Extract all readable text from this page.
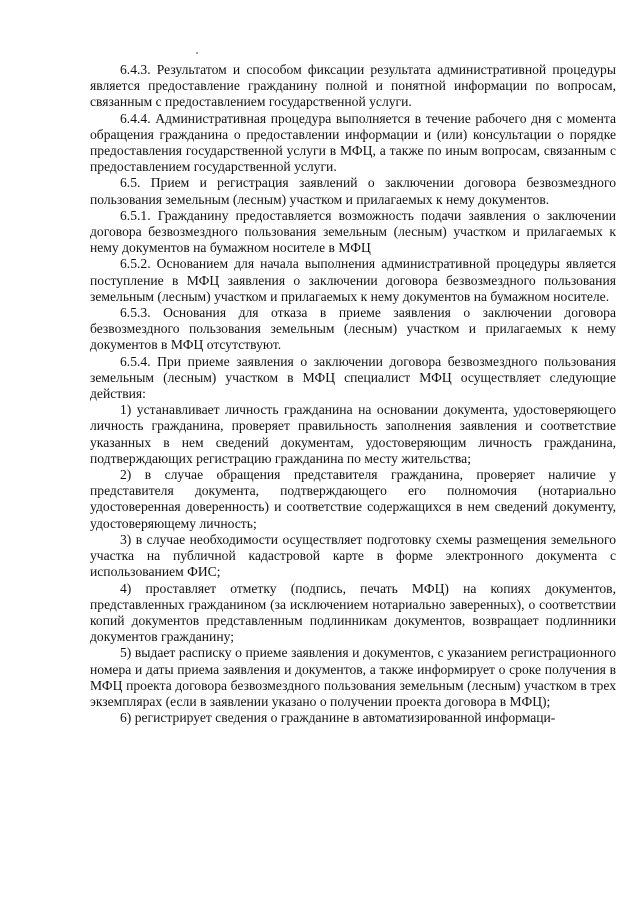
6.4.3. Результатом и способом фиксации результата административной процедуры является предоставление гражданину полной и понятной информации по вопросам, связанным с предоставлением государственной услуги.

6.4.4. Административная процедура выполняется в течение рабочего дня с момента обращения гражданина о предоставлении информации и (или) консультации о порядке предоставления государственной услуги в МФЦ, а также по иным вопросам, связанным с предоставлением государственной услуги.

6.5. Прием и регистрация заявлений о заключении договора безвозмездного пользования земельным (лесным) участком и прилагаемых к нему документов.

6.5.1. Гражданину предоставляется возможность подачи заявления о заключении договора безвозмездного пользования земельным (лесным) участком и прилагаемых к нему документов на бумажном носителе в МФЦ

6.5.2. Основанием для начала выполнения административной процедуры является поступление в МФЦ заявления о заключении договора безвозмездного пользования земельным (лесным) участком и прилагаемых к нему документов на бумажном носителе.

6.5.3. Основания для отказа в приеме заявления о заключении договора безвозмездного пользования земельным (лесным) участком и прилагаемых к нему документов в МФЦ отсутствуют.

6.5.4. При приеме заявления о заключении договора безвозмездного пользования земельным (лесным) участком в МФЦ специалист МФЦ осуществляет следующие действия:

1) устанавливает личность гражданина на основании документа, удостоверяющего личность гражданина, проверяет правильность заполнения заявления и соответствие указанных в нем сведений документам, удостоверяющим личность гражданина, подтверждающих регистрацию гражданина по месту жительства;

2) в случае обращения представителя гражданина, проверяет наличие у представителя документа, подтверждающего его полномочия (нотариально удостоверенная доверенность) и соответствие содержащихся в нем сведений документу, удостоверяющему личность;

3) в случае необходимости осуществляет подготовку схемы размещения земельного участка на публичной кадастровой карте в форме электронного документа с использованием ФИС;

4) проставляет отметку (подпись, печать МФЦ) на копиях документов, представленных гражданином (за исключением нотариально заверенных), о соответствии копий документов представленным подлинникам документов, возвращает подлинники документов гражданину;

5) выдает расписку о приеме заявления и документов, с указанием регистрационного номера и даты приема заявления и документов, а также информирует о сроке получения в МФЦ проекта договора безвозмездного пользования земельным (лесным) участком в трех экземплярах (если в заявлении указано о получении проекта договора в МФЦ);

6) регистрирует сведения о гражданине в автоматизированной информаци-
